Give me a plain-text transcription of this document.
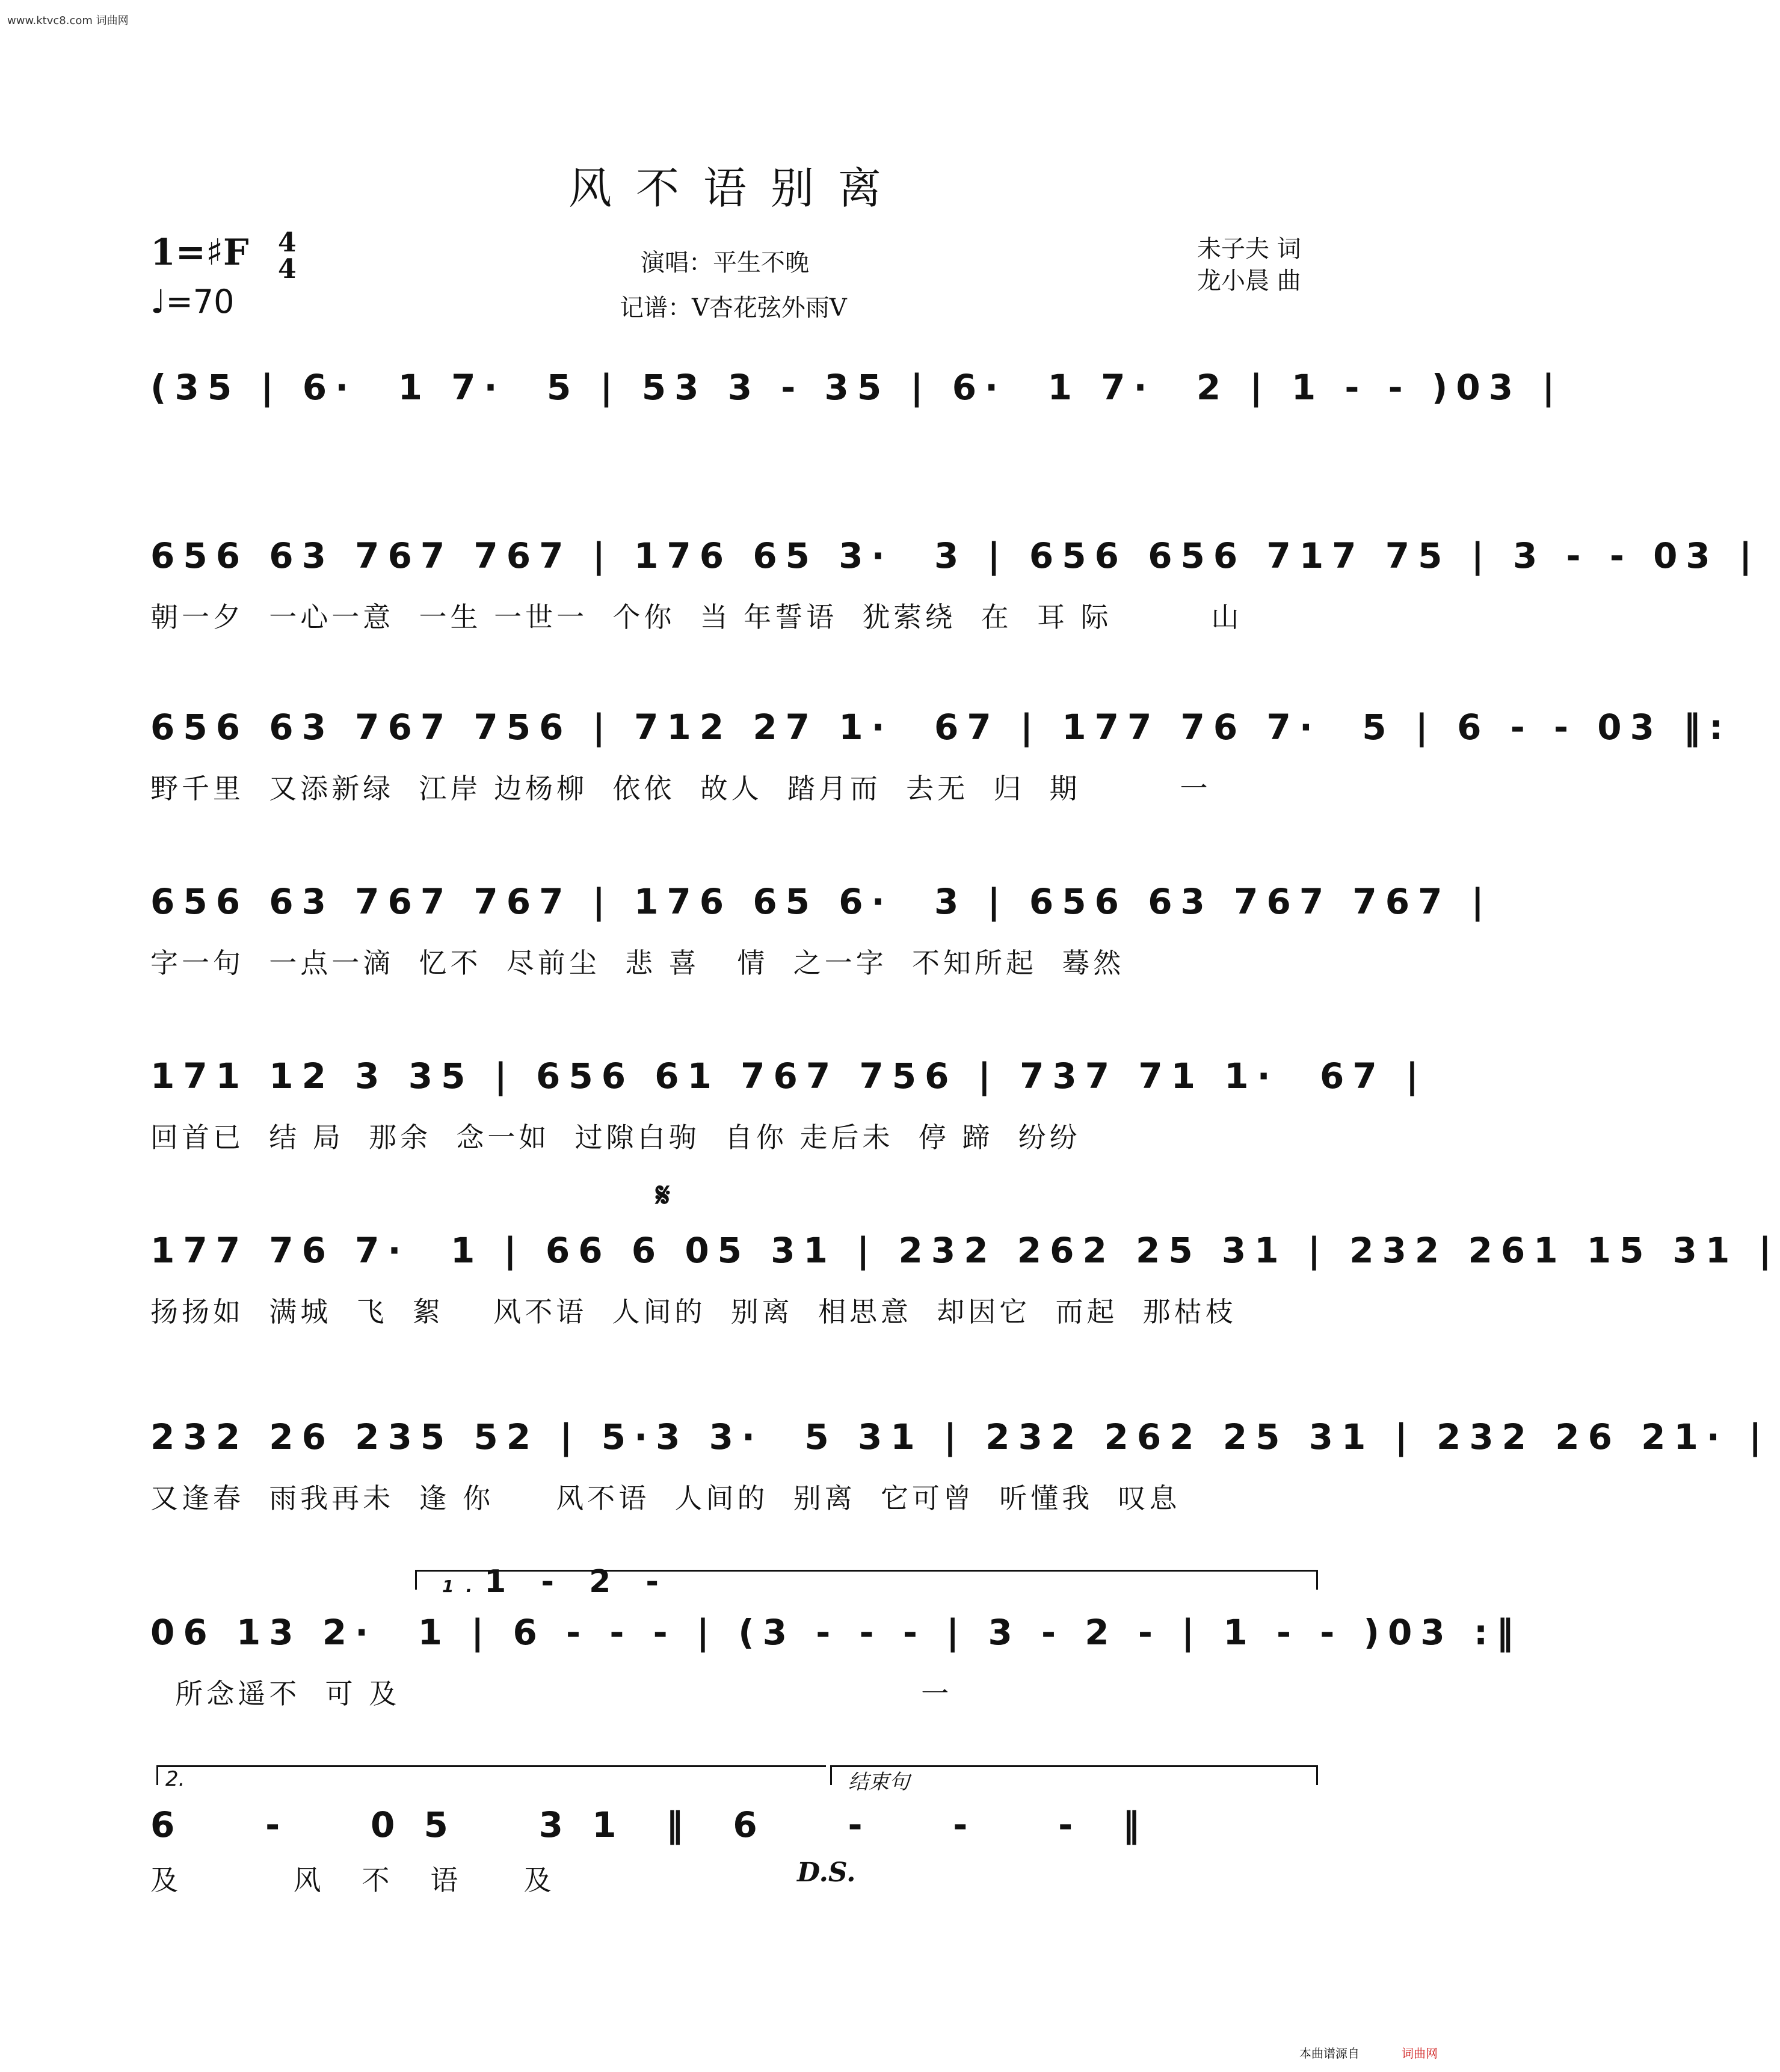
www.ktvc8.com 词曲网
风不语别离
1=♯F 4
4
♩=70
演唱：平生不晚
记谱：V杏花弦外雨V
未子夫 词
龙小晨 曲
(35 | 6·  1 7·  5 | 53 3 - 35 | 6·  1 7·  2 | 1 - - )03 |
656 63 767 767 | 176 65 3·  3 | 656 656 717 75 | 3 - - 03 |
朝一夕  一心一意  一生 一世一  个你  当 年誓语  犹萦绕  在  耳 际        山
656 63 767 756 | 712 27 1·  67 | 177 76 7·  5 | 6 - - 03 ‖:
野千里  又添新绿  江岸 边杨柳  依依  故人  踏月而  去无  归  期        一
656 63 767 767 | 176 65 6·  3 | 656 63 767 767 |
字一句  一点一滴  忆不  尽前尘  悲 喜   情  之一字  不知所起  蓦然
171 12 3 35 | 656 61 767 756 | 737 71 1·  67 |
回首已  结 局  那余  念一如  过隙白驹  自你 走后未  停 蹄  纷纷
𝄋
177 76 7·  1 | 66 6 05 31 | 232 262 25 31 | 232 261 15 31 |
扬扬如  满城  飞  絮    风不语  人间的  别离  相思意  却因它  而起  那枯枝
232 26 235 52 | 5·3 3·  5 31 | 232 262 25 31 | 232 26 21· |
又逢春  雨我再未  逢 你     风不语  人间的  别离  它可曾  听懂我  叹息
1.1 - 2 -
06 13 2·  1 | 6 - - - | (3 - - - | 3 - 2 - | 1 - - )03 :‖
所念遥不  可 及                                          一
2.	结束句
6    -    0 5    3 1  ‖  6    -    -    -  ‖
及         风   不   语     及	D.S.
本曲谱源自	词曲网
